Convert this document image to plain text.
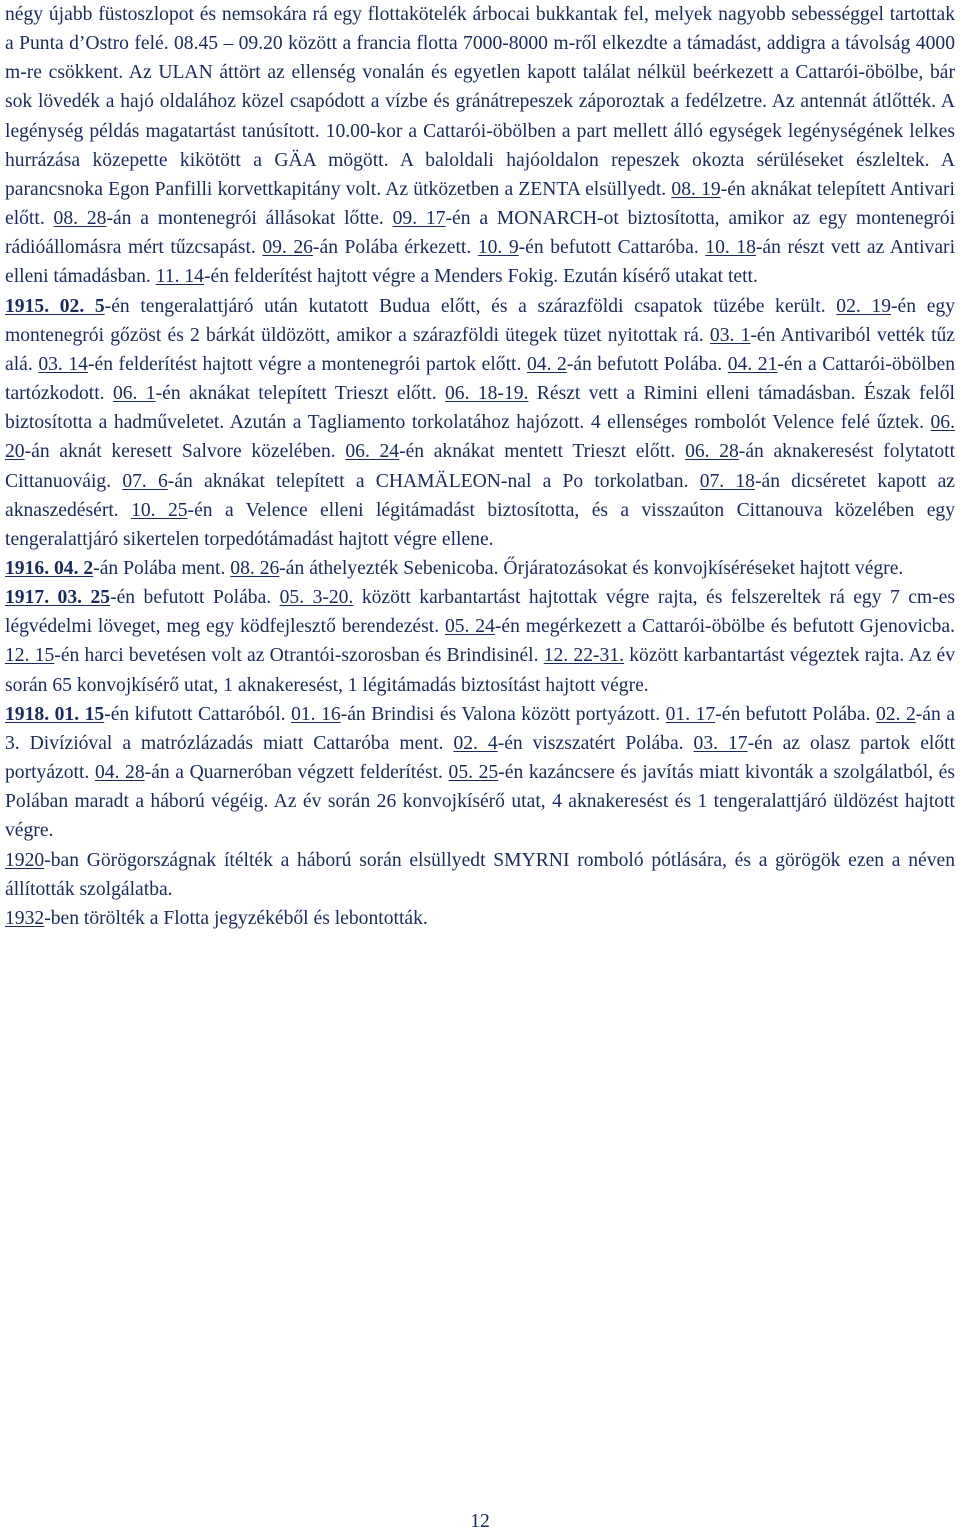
négy újabb füstoszlopot és nemsokára rá egy flottakötelék árbocai bukkantak fel, melyek nagyobb sebességgel tartottak a Punta d’Ostro felé. 08.45 – 09.20 között a francia flotta 7000-8000 m-ről elkezdte a támadást, addigra a távolság 4000 m-re csökkent. Az ULAN áttört az ellenség vonalán és egyetlen kapott találat nélkül beérkezett a Cattarói-öbölbe, bár sok lövedék a hajó oldalához közel csapódott a vízbe és gránátrepeszek záporoztak a fedélzetre. Az antennát átlőtték. A legénység példás magatartást tanúsított. 10.00-kor a Cattarói-öbölben a part mellett álló egységek legénységének lelkes hurrázása közepette kikötött a GÄA mögött. A baloldali hajóoldalon repeszek okozta sérüléseket észleltek. A parancsnoka Egon Panfilli korvettkapitány volt. Az ütközetben a ZENTA elsüllyedt. 08. 19-én aknákat telepített Antivari előtt. 08. 28-án a montenegrói állásokat lőtte. 09. 17-én a MONARCH-ot biztosította, amikor az egy montenegrói rádióállomásra mért tűzcsapást. 09. 26-án Polába érkezett. 10. 9-én befutott Cattaróba. 10. 18-án részt vett az Antivari elleni támadásban. 11. 14-én felderítést hajtott végre a Menders Fokig. Ezután kísérő utakat tett.

1915. 02. 5-én tengeralattjáró után kutatott Budua előtt, és a szárazföldi csapatok tüzébe került. 02. 19-én egy montenegrói gőzöst és 2 bárkát üldözött, amikor a szárazföldi ütegek tüzet nyitottak rá. 03. 1-én Antivariból vették tűz alá. 03. 14-én felderítést hajtott végre a montenegrói partok előtt. 04. 2-án befutott Polába. 04. 21-én a Cattarói-öbölben tartózkodott. 06. 1-én aknákat telepített Trieszt előtt. 06. 18-19. Részt vett a Rimini elleni támadásban. Észak felől biztosította a hadműveletet. Azután a Tagliamento torkolatához hajózott. 4 ellenséges rombolót Velence felé űztek. 06. 20-án aknát keresett Salvore közelében. 06. 24-én aknákat mentett Trieszt előtt. 06. 28-án aknakeresést folytatott Cittanuováig. 07. 6-án aknákat telepített a CHAMÄLEON-nal a Po torkolatban. 07. 18-án dicséretet kapott az aknaszedésért. 10. 25-én a Velence elleni légitámadást biztosította, és a visszaúton Cittanouva közelében egy tengeralattjáró sikertelen torpedótámadást hajtott végre ellene.

1916. 04. 2-án Polába ment. 08. 26-án áthelyezték Sebenicoba. Őrjáratozásokat és konvojkíséréseket hajtott végre.

1917. 03. 25-én befutott Polába. 05. 3-20. között karbantartást hajtottak végre rajta, és felszereltek rá egy 7 cm-es légvédelmi löveget, meg egy ködfejlesztő berendezést. 05. 24-én megérkezett a Cattarói-öbölbe és befutott Gjenovicba. 12. 15-én harci bevetésen volt az Otrantói-szorosban és Brindisinél. 12. 22-31. között karbantartást végeztek rajta. Az év során 65 konvojkísérő utat, 1 aknakeresést, 1 légitámadás biztosítást hajtott végre.

1918. 01. 15-én kifutott Cattaróból. 01. 16-án Brindisi és Valona között portyázott. 01. 17-én befutott Polába. 02. 2-án a 3. Divízióval a matrózlázadás miatt Cattaróba ment. 02. 4-én viszszatért Polába. 03. 17-én az olasz partok előtt portyázott. 04. 28-án a Quarneróban végzett felderítést. 05. 25-én kazáncsere és javítás miatt kivonták a szolgálatból, és Polában maradt a háború végéig. Az év során 26 konvojkísérő utat, 4 aknakeresést és 1 tengeralattjáró üldözést hajtott végre.

1920-ban Görögországnak ítélték a háború során elsüllyedt SMYRNI romboló pótlására, és a görögök ezen a néven állították szolgálatba.

1932-ben törölték a Flotta jegyzékéből és lebontották.

12
